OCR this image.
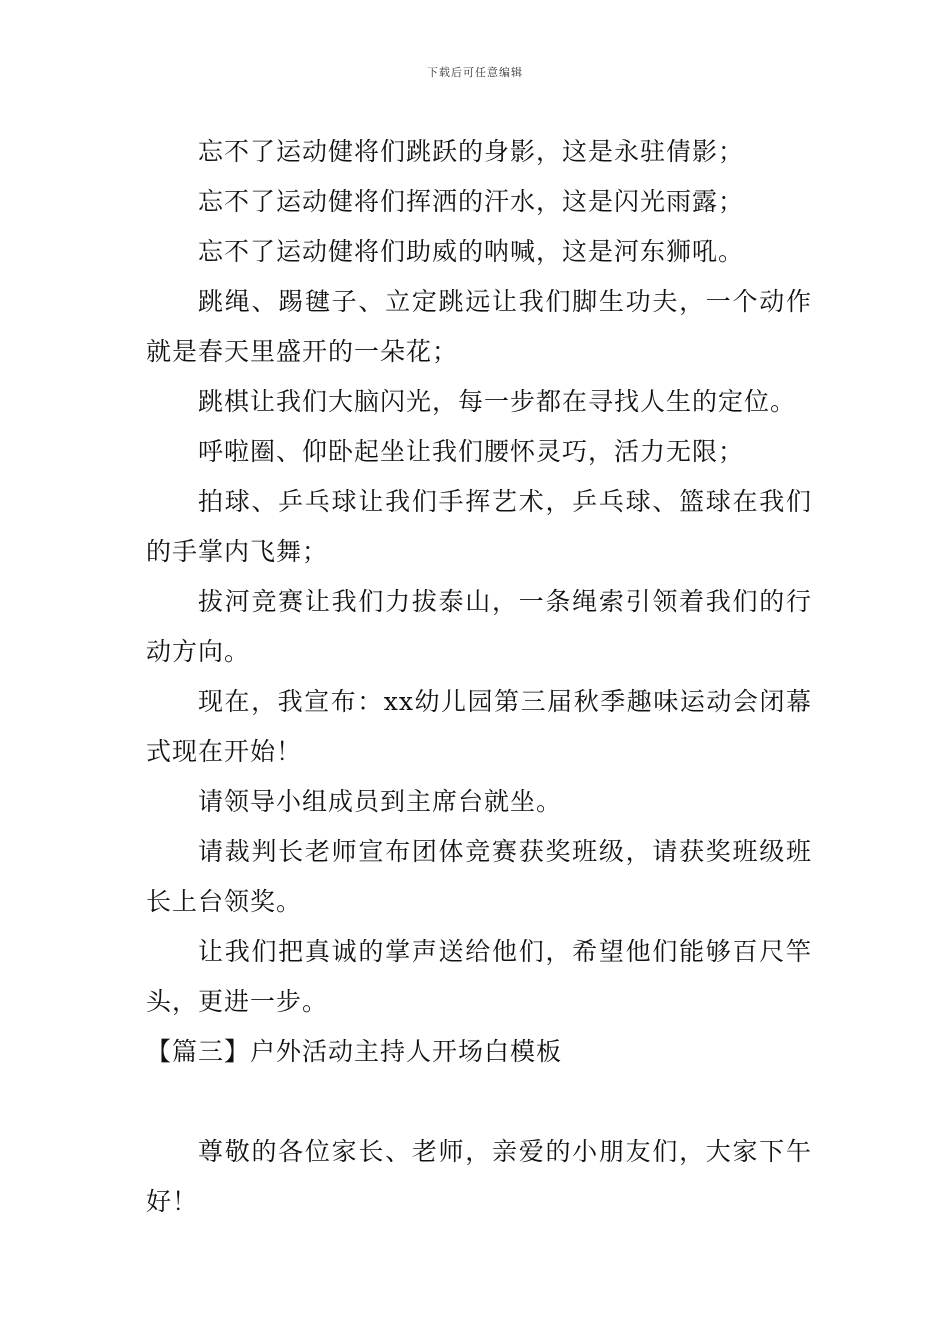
下载后可任意编辑

忘不了运动健将们跳跃的身影，这是永驻倩影；

忘不了运动健将们挥洒的汗水，这是闪光雨露；

忘不了运动健将们助威的呐喊，这是河东狮吼。

跳绳、踢毽子、立定跳远让我们脚生功夫，一个动作就是春天里盛开的一朵花；

跳棋让我们大脑闪光，每一步都在寻找人生的定位。

呼啦圈、仰卧起坐让我们腰怀灵巧，活力无限；

拍球、乒乓球让我们手挥艺术，乒乓球、篮球在我们的手掌内飞舞；

拔河竞赛让我们力拔泰山，一条绳索引领着我们的行动方向。

现在，我宣布：xx幼儿园第三届秋季趣味运动会闭幕式现在开始！

请领导小组成员到主席台就坐。

请裁判长老师宣布团体竞赛获奖班级，请获奖班级班长上台领奖。

让我们把真诚的掌声送给他们，希望他们能够百尺竿头，更进一步。

【篇三】户外活动主持人开场白模板

尊敬的各位家长、老师，亲爱的小朋友们，大家下午好！
